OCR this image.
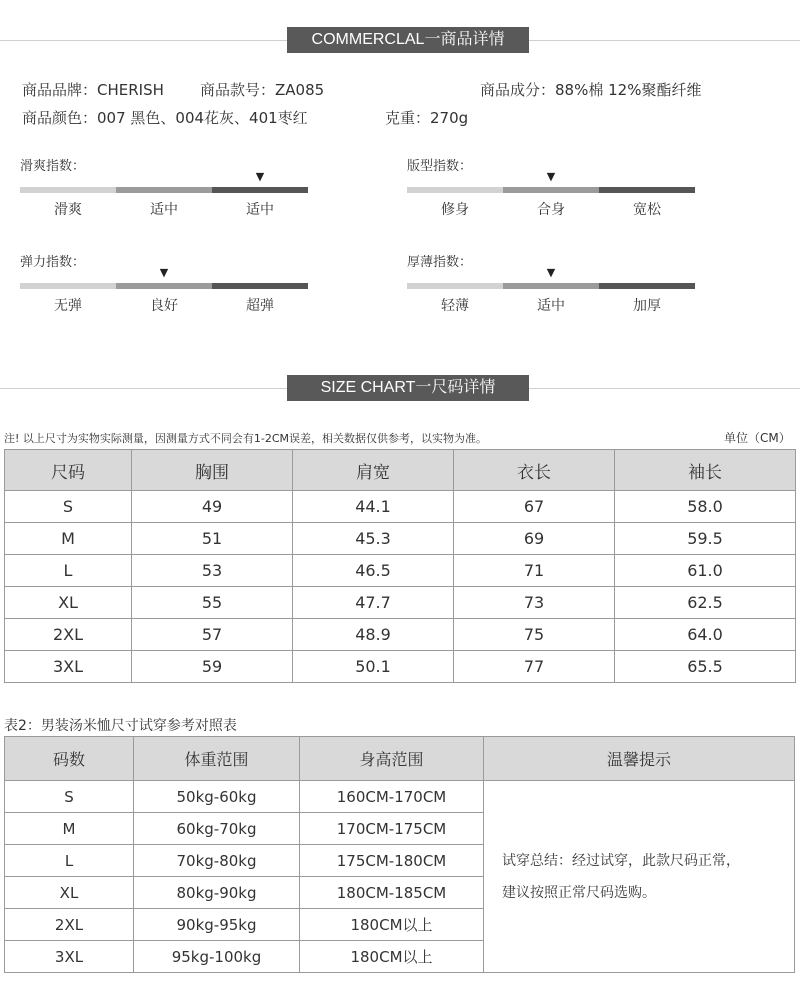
COMMERCLAL一商品详情
商品品牌：CHERISH 商品款号：ZA085	商品成分：88%棉 12%聚酯纤维
商品颜色：007 黑色、004花灰、401枣红	克重：270g
滑爽指数：
▼
滑爽	适中	适中
版型指数：
▼
修身	合身	宽松
弹力指数：
▼
无弹	良好	超弹
厚薄指数：
▼
轻薄	适中	加厚
SIZE CHART一尺码详情
注! 以上尺寸为实物实际测量，因测量方式不同会有1-2CM误差，相关数据仅供参考，以实物为准。	单位（CM）
尺码	胸围	肩宽	衣长	袖长
S	49	44.1	67	58.0
M	51	45.3	69	59.5
L	53	46.5	71	61.0
XL	55	47.7	73	62.5
2XL	57	48.9	75	64.0
3XL	59	50.1	77	65.5
表2：男装汤米恤尺寸试穿参考对照表
码数	体重范围	身高范围	温馨提示
S	50kg-60kg	160CM-170CM	试穿总结：经过试穿，此款尺码正常，
建议按照正常尺码选购。

M	60kg-70kg	170CM-175CM	
L	70kg-80kg	175CM-180CM	
XL	80kg-90kg	180CM-185CM	
2XL	90kg-95kg	180CM以上	
3XL	95kg-100kg	180CM以上	
